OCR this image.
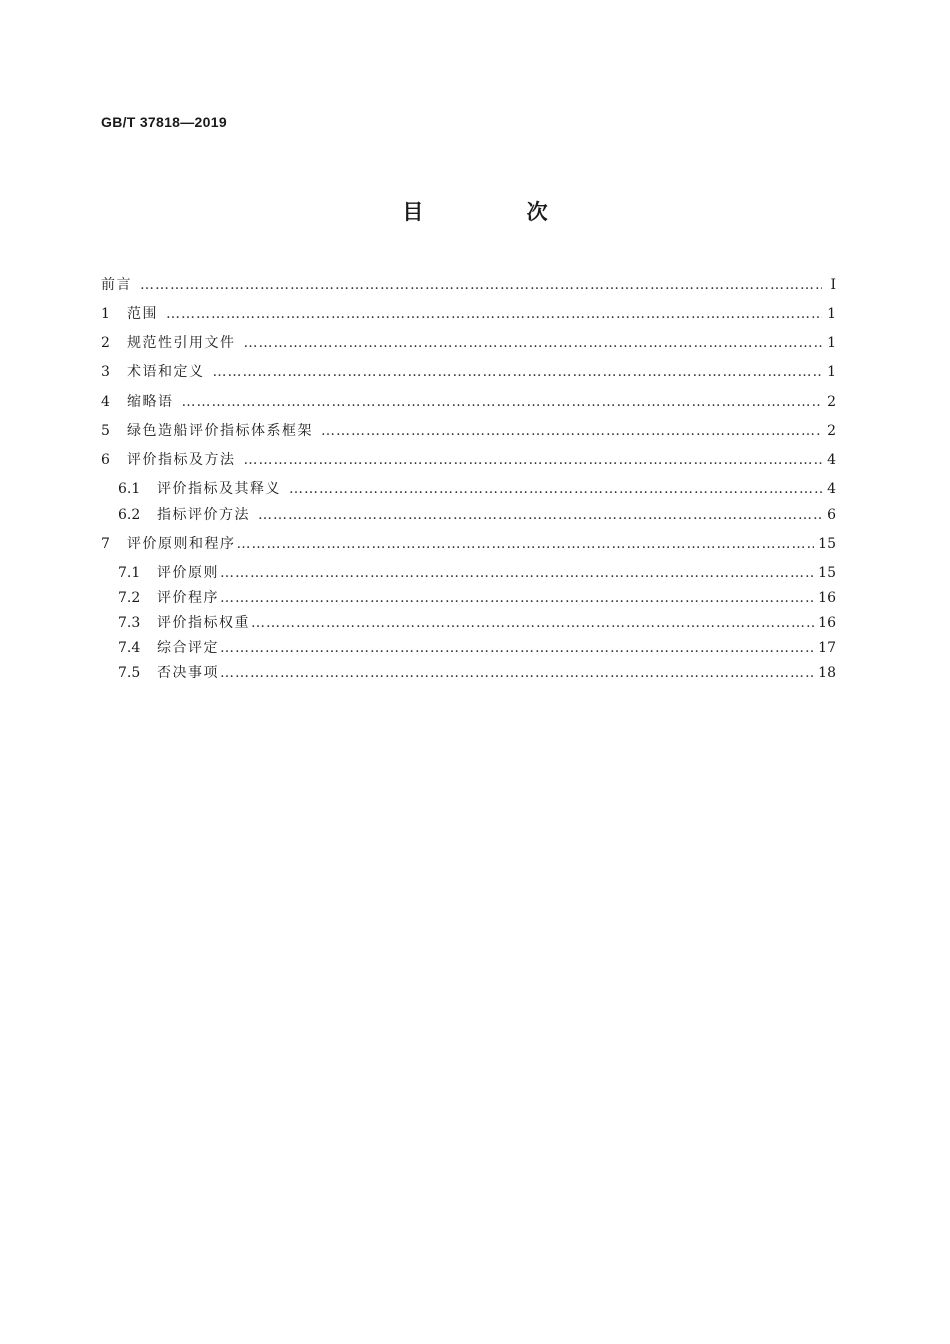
GB/T 37818—2019
目 次
前言 …………………………………………………………………………………………………………………………………………………………………………………………………………………………	Ⅰ
1	范围 …………………………………………………………………………………………………………………………………………………………………………………………………………………………	1
2	规范性引用文件 …………………………………………………………………………………………………………………………………………………………………………………………………………………………	1
3	术语和定义 …………………………………………………………………………………………………………………………………………………………………………………………………………………………	1
4	缩略语 …………………………………………………………………………………………………………………………………………………………………………………………………………………………	2
5	绿色造船评价指标体系框架 …………………………………………………………………………………………………………………………………………………………………………………………………………………………	2
6	评价指标及方法 …………………………………………………………………………………………………………………………………………………………………………………………………………………………	4
6.1	评价指标及其释义 …………………………………………………………………………………………………………………………………………………………………………………………………………………………	4
6.2	指标评价方法 …………………………………………………………………………………………………………………………………………………………………………………………………………………………	6
7	评价原则和程序 …………………………………………………………………………………………………………………………………………………………………………………………………………………………	15
7.1	评价原则 …………………………………………………………………………………………………………………………………………………………………………………………………………………………	15
7.2	评价程序 …………………………………………………………………………………………………………………………………………………………………………………………………………………………	16
7.3	评价指标权重 …………………………………………………………………………………………………………………………………………………………………………………………………………………………	16
7.4	综合评定 …………………………………………………………………………………………………………………………………………………………………………………………………………………………	17
7.5	否决事项 …………………………………………………………………………………………………………………………………………………………………………………………………………………………	18
